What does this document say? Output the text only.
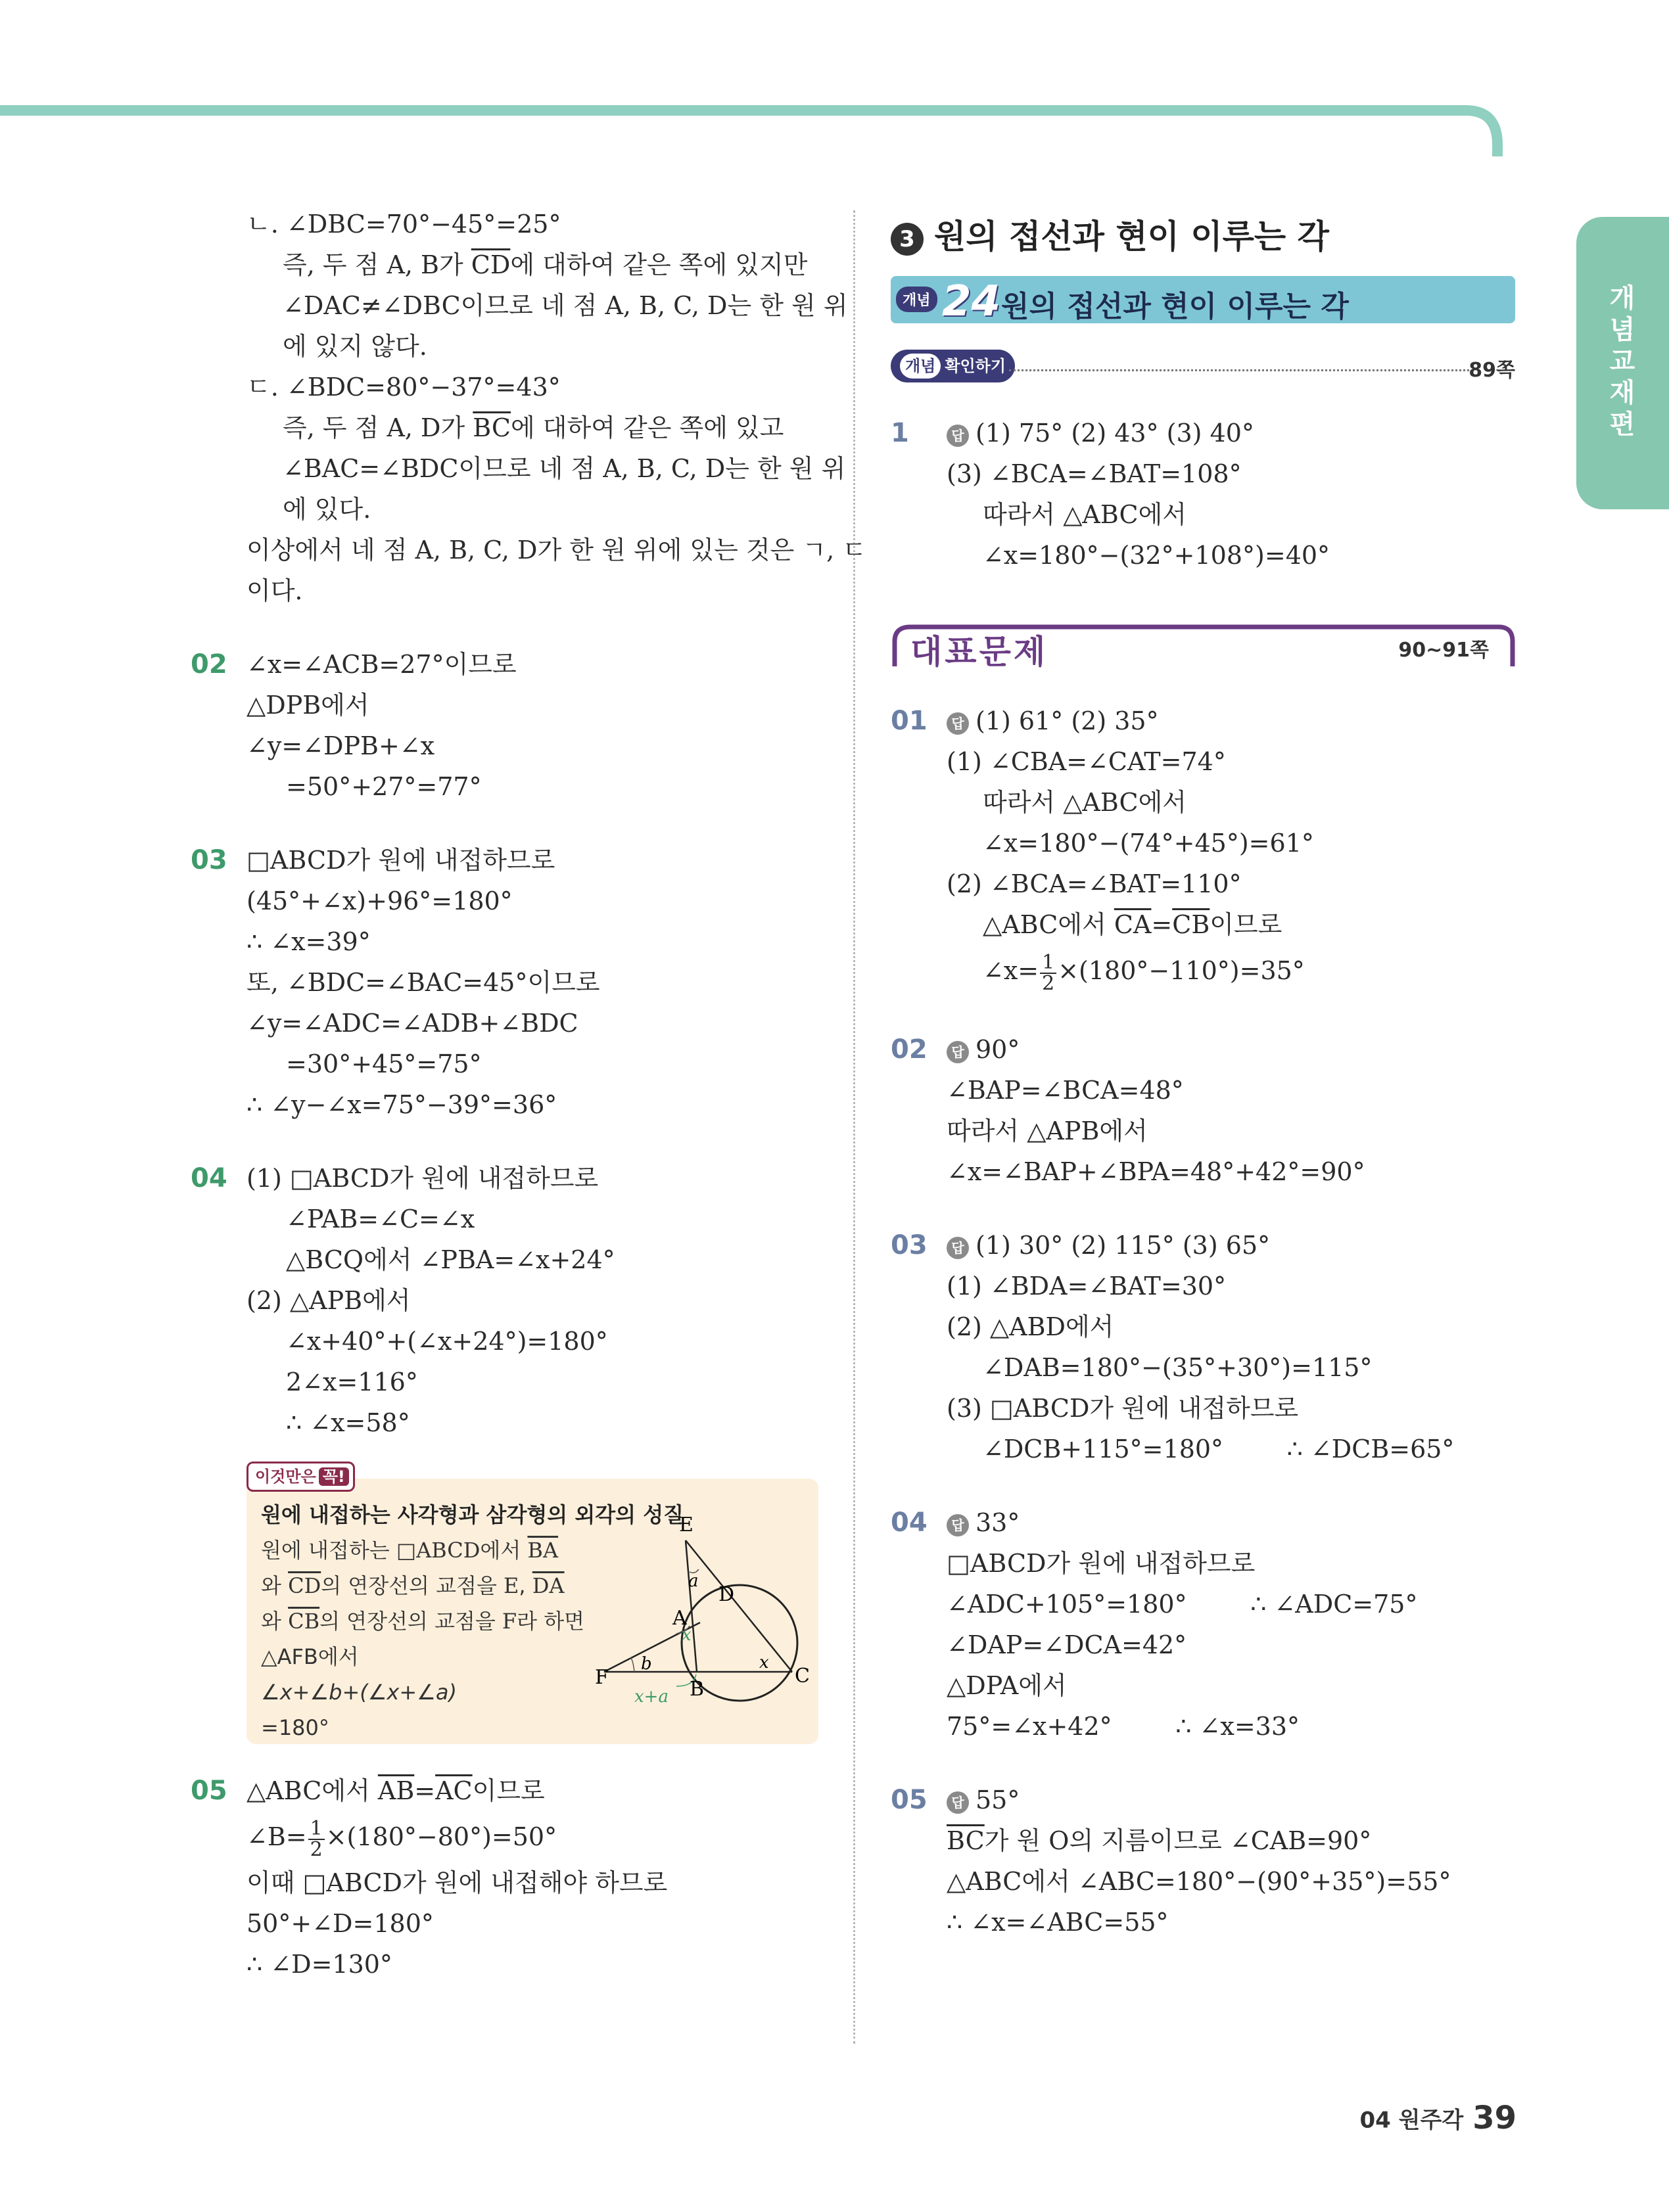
개념교재편
ㄴ. ∠DBC=70°−45°=25°
즉, 두 점 A, B가 $\overline{CD}$에 대하여 같은 쪽에 있지만
∠DAC≠∠DBC이므로 네 점 A, B, C, D는 한 원 위
에 있지 않다.
ㄷ. ∠BDC=80°−37°=43°
즉, 두 점 A, D가 $\overline{BC}$에 대하여 같은 쪽에 있고
∠BAC=∠BDC이므로 네 점 A, B, C, D는 한 원 위
에 있다.
이상에서 네 점 A, B, C, D가 한 원 위에 있는 것은 ㄱ, ㄷ
이다.
02 ∠x=∠ACB=27°이므로
△DPB에서
∠y=∠DPB+∠x
=50°+27°=77°
03 □ABCD가 원에 내접하므로
(45°+∠x)+96°=180°
∴ ∠x=39°
또, ∠BDC=∠BAC=45°이므로
∠y=∠ADC=∠ADB+∠BDC
=30°+45°=75°
∴ ∠y−∠x=75°−39°=36°
04 (1) □ABCD가 원에 내접하므로
∠PAB=∠C=∠x
△BCQ에서 ∠PBA=∠x+24°
(2) △APB에서
∠x+40°+(∠x+24°)=180°
2∠x=116°
∴ ∠x=58°
이것만은 꼭!
원에 내접하는 사각형과 삼각형의 외각의 성질
원에 내접하는 □ABCD에서 $\overline{BA}$
와 $\overline{CD}$의 연장선의 교점을 E, $\overline{DA}$
와 $\overline{CB}$의 연장선의 교점을 F라 하면
△AFB에서
∠x+∠b+(∠x+∠a)
=180°
E
D
A
F
B
C
a
b
x
x
x+a
05 △ABC에서 $\overline{AB}=\overline{AC}$이므로
∠B= $\frac{1}{2} \times(180^\circ-80^\circ)=50^\circ$
이때 □ABCD가 원에 내접해야 하므로
50°+∠D=180°
∴ ∠D=130°
3 원의 접선과 현이 이루는 각
개념 24 원의 접선과 현이 이루는 각
개념 확인하기	89쪽
1	답 (1) 75° (2) 43° (3) 40°
(3) ∠BCA=∠BAT=108°
따라서 △ABC에서
∠x=180°−(32°+108°)=40°
대표문제	90~91쪽
01	답 (1) 61° (2) 35°
(1) ∠CBA=∠CAT=74°
따라서 △ABC에서
∠x=180°−(74°+45°)=61°
(2) ∠BCA=∠BAT=110°
△ABC에서 $\overline{CA}=\overline{CB}$이므로
∠x= $\frac{1}{2} \times(180^\circ-110^\circ)=35^\circ$
02	답 90°
∠BAP=∠BCA=48°
따라서 △APB에서
∠x=∠BAP+∠BPA=48°+42°=90°
03	답 (1) 30° (2) 115° (3) 65°
(1) ∠BDA=∠BAT=30°
(2) △ABD에서
∠DAB=180°−(35°+30°)=115°
(3) □ABCD가 원에 내접하므로
∠DCB+115°=180°        ∴ ∠DCB=65°
04	답 33°
□ABCD가 원에 내접하므로
∠ADC+105°=180°        ∴ ∠ADC=75°
∠DAP=∠DCA=42°
△DPA에서
75°=∠x+42°        ∴ ∠x=33°
05	답 55°
$\overline{BC}$가 원 O의 지름이므로 ∠CAB=90°
△ABC에서 ∠ABC=180°−(90°+35°)=55°
∴ ∠x=∠ABC=55°
04 원주각 39
